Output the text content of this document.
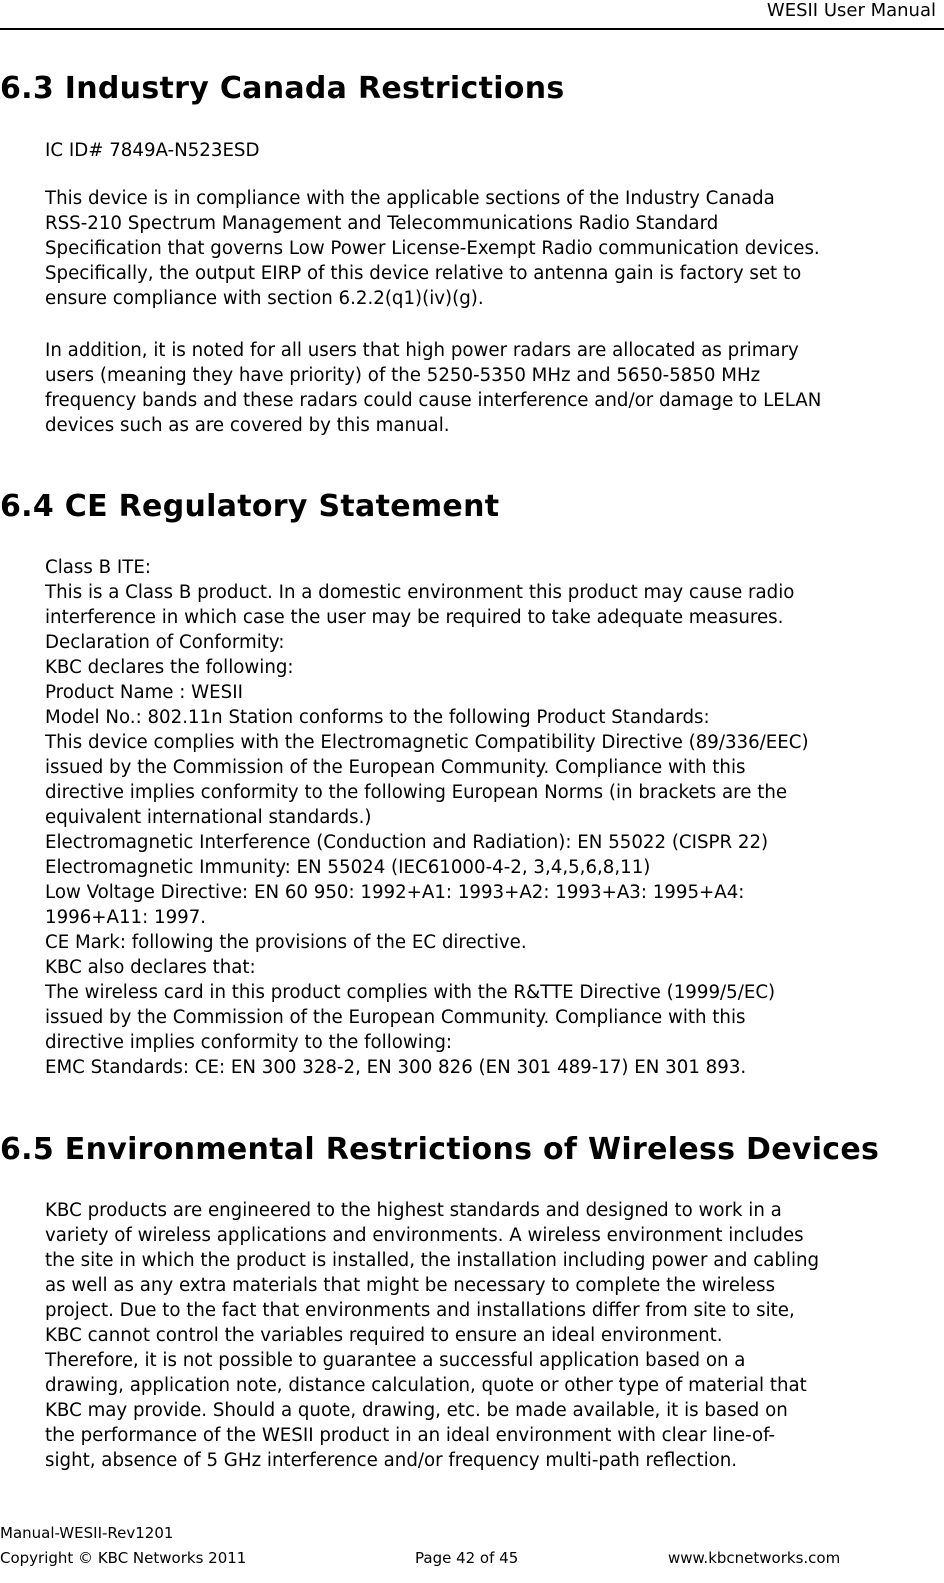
WESII User Manual
6.3 Industry Canada Restrictions

IC ID# 7849A-N523ESD

This device is in compliance with the applicable sections of the Industry Canada
RSS-210 Spectrum Management and Telecommunications Radio Standard
Specification that governs Low Power License-Exempt Radio communication devices.
Specifically, the output EIRP of this device relative to antenna gain is factory set to
ensure compliance with section 6.2.2(q1)(iv)(g).

In addition, it is noted for all users that high power radars are allocated as primary
users (meaning they have priority) of the 5250-5350 MHz and 5650-5850 MHz
frequency bands and these radars could cause interference and/or damage to LELAN
devices such as are covered by this manual.

6.4 CE Regulatory Statement

Class B ITE:
This is a Class B product. In a domestic environment this product may cause radio
interference in which case the user may be required to take adequate measures.
Declaration of Conformity:
KBC declares the following:
Product Name : WESII
Model No.: 802.11n Station conforms to the following Product Standards:
This device complies with the Electromagnetic Compatibility Directive (89/336/EEC)
issued by the Commission of the European Community. Compliance with this
directive implies conformity to the following European Norms (in brackets are the
equivalent international standards.)
Electromagnetic Interference (Conduction and Radiation): EN 55022 (CISPR 22)
Electromagnetic Immunity: EN 55024 (IEC61000-4-2, 3,4,5,6,8,11)
Low Voltage Directive: EN 60 950: 1992+A1: 1993+A2: 1993+A3: 1995+A4:
1996+A11: 1997.
CE Mark: following the provisions of the EC directive.
KBC also declares that:
The wireless card in this product complies with the R&TTE Directive (1999/5/EC)
issued by the Commission of the European Community. Compliance with this
directive implies conformity to the following:
EMC Standards: CE: EN 300 328-2, EN 300 826 (EN 301 489-17) EN 301 893.

6.5 Environmental Restrictions of Wireless Devices

KBC products are engineered to the highest standards and designed to work in a
variety of wireless applications and environments. A wireless environment includes
the site in which the product is installed, the installation including power and cabling
as well as any extra materials that might be necessary to complete the wireless
project. Due to the fact that environments and installations differ from site to site,
KBC cannot control the variables required to ensure an ideal environment.
Therefore, it is not possible to guarantee a successful application based on a
drawing, application note, distance calculation, quote or other type of material that
KBC may provide. Should a quote, drawing, etc. be made available, it is based on
the performance of the WESII product in an ideal environment with clear line-of-
sight, absence of 5 GHz interference and/or frequency multi-path reflection.

Manual-WESII-Rev1201
Copyright © KBC Networks 2011	Page 42 of 45	www.kbcnetworks.com
